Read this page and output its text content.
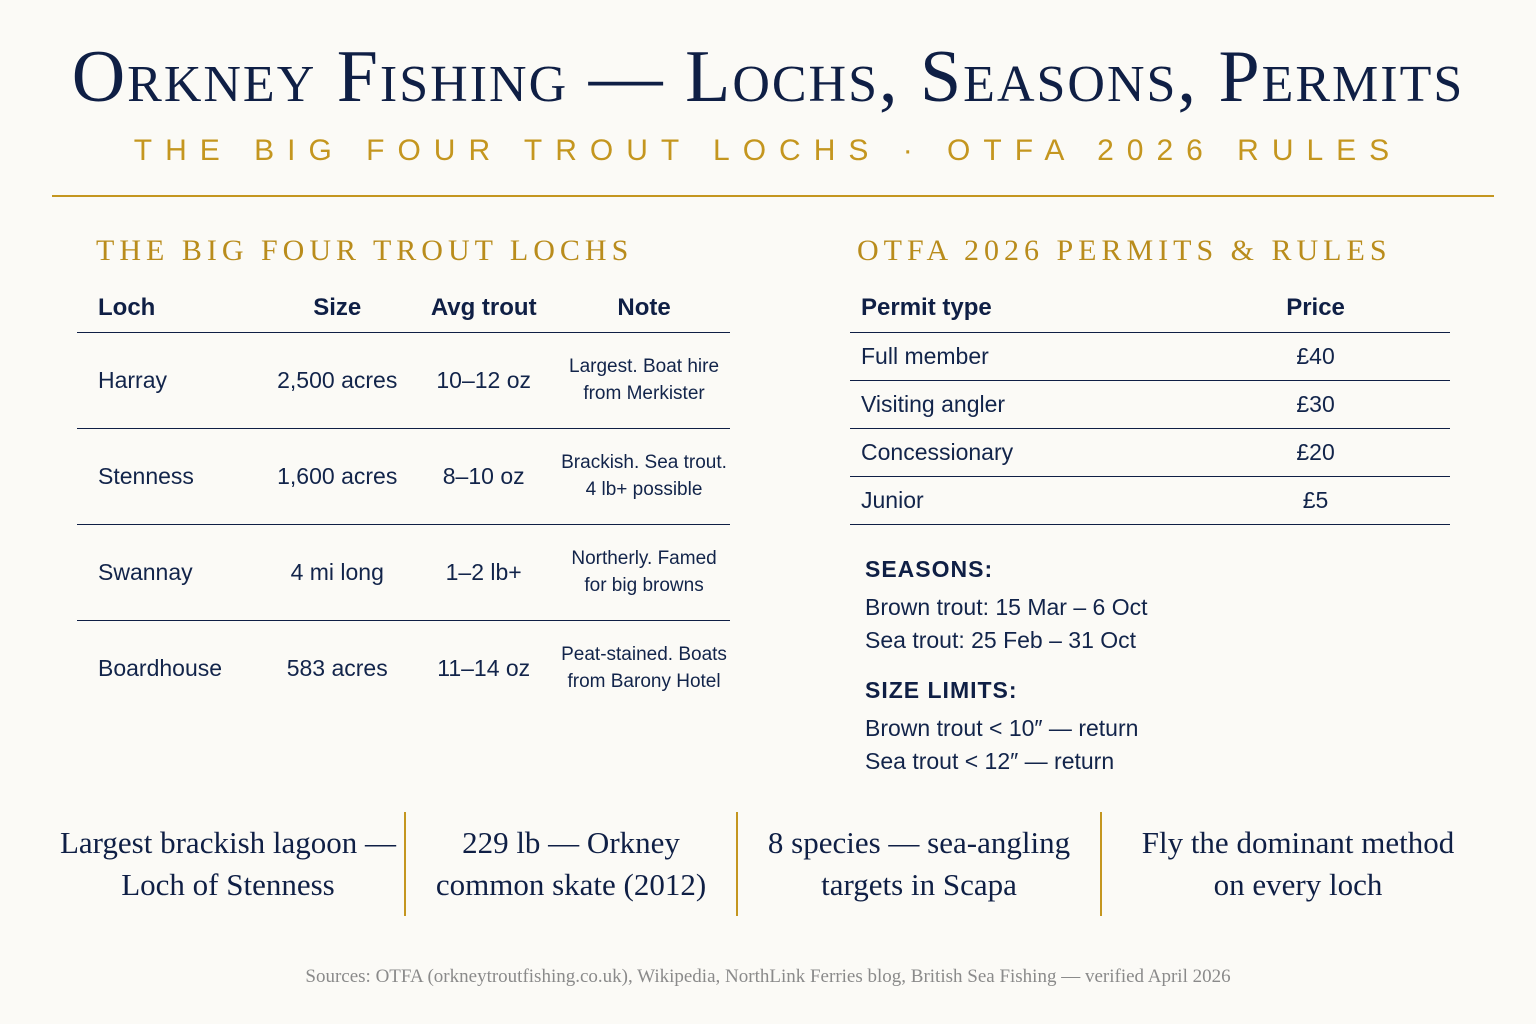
Orkney Fishing — Lochs, Seasons, Permits
THE BIG FOUR TROUT LOCHS · OTFA 2026 RULES
THE BIG FOUR TROUT LOCHS
Loch	Size	Avg trout	Note
Harray	2,500 acres	10–12 oz	Largest. Boat hire
from Merkister

Stenness	1,600 acres	8–10 oz	Brackish. Sea trout.
4 lb+ possible

Swannay	4 mi long	1–2 lb+	Northerly. Famed
for big browns

Boardhouse	583 acres	11–14 oz	Peat-stained. Boats
from Barony Hotel
OTFA 2026 PERMITS & RULES
Permit type	Price	
Full member	£40	
Visiting angler	£30	
Concessionary	£20	
Junior	£5	
SEASONS:
Brown trout: 15 Mar – 6 Oct
Sea trout: 25 Feb – 31 Oct
SIZE LIMITS:
Brown trout < 10″ — return
Sea trout < 12″ — return
Largest brackish lagoon —
Loch of Stenness
229 lb — Orkney
common skate (2012)
8 species — sea-angling
targets in Scapa
Fly the dominant method
on every loch
Sources: OTFA (orkneytroutfishing.co.uk), Wikipedia, NorthLink Ferries blog, British Sea Fishing — verified April 2026
